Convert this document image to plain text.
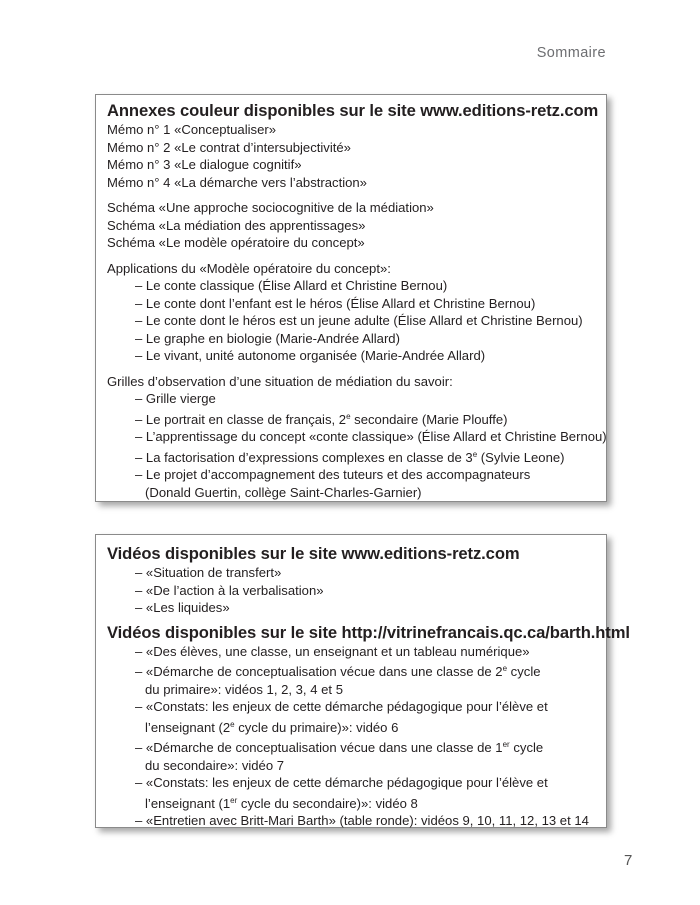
Sommaire
Annexes couleur disponibles sur le site www.editions-retz.com
Mémo n° 1 «Conceptualiser»
Mémo n° 2 «Le contrat d’intersubjectivité»
Mémo n° 3 «Le dialogue cognitif»
Mémo n° 4 «La démarche vers l’abstraction»
Schéma «Une approche sociocognitive de la médiation»
Schéma «La médiation des apprentissages»
Schéma «Le modèle opératoire du concept»
Applications du «Modèle opératoire du concept»:
– Le conte classique (Élise Allard et Christine Bernou)
– Le conte dont l’enfant est le héros (Élise Allard et Christine Bernou)
– Le conte dont le héros est un jeune adulte (Élise Allard et Christine Bernou)
– Le graphe en biologie (Marie-Andrée Allard)
– Le vivant, unité autonome organisée (Marie-Andrée Allard)
Grilles d’observation d’une situation de médiation du savoir:
– Grille vierge
– Le portrait en classe de français, 2e secondaire (Marie Plouffe)
– L’apprentissage du concept «conte classique» (Élise Allard et Christine Bernou)
– La factorisation d’expressions complexes en classe de 3e (Sylvie Leone)
– Le projet d’accompagnement des tuteurs et des accompagnateurs
(Donald Guertin, collège Saint-Charles-Garnier)
Vidéos disponibles sur le site www.editions-retz.com
– «Situation de transfert»
– «De l’action à la verbalisation»
– «Les liquides»
Vidéos disponibles sur le site http://vitrinefrancais.qc.ca/barth.html
– «Des élèves, une classe, un enseignant et un tableau numérique»
– «Démarche de conceptualisation vécue dans une classe de 2e cycle
du primaire»: vidéos 1, 2, 3, 4 et 5
– «Constats: les enjeux de cette démarche pédagogique pour l’élève et
l’enseignant (2e cycle du primaire)»: vidéo 6
– «Démarche de conceptualisation vécue dans une classe de 1er cycle
du secondaire»: vidéo 7
– «Constats: les enjeux de cette démarche pédagogique pour l’élève et
l’enseignant (1er cycle du secondaire)»: vidéo 8
– «Entretien avec Britt-Mari Barth» (table ronde): vidéos 9, 10, 11, 12, 13 et 14
7
